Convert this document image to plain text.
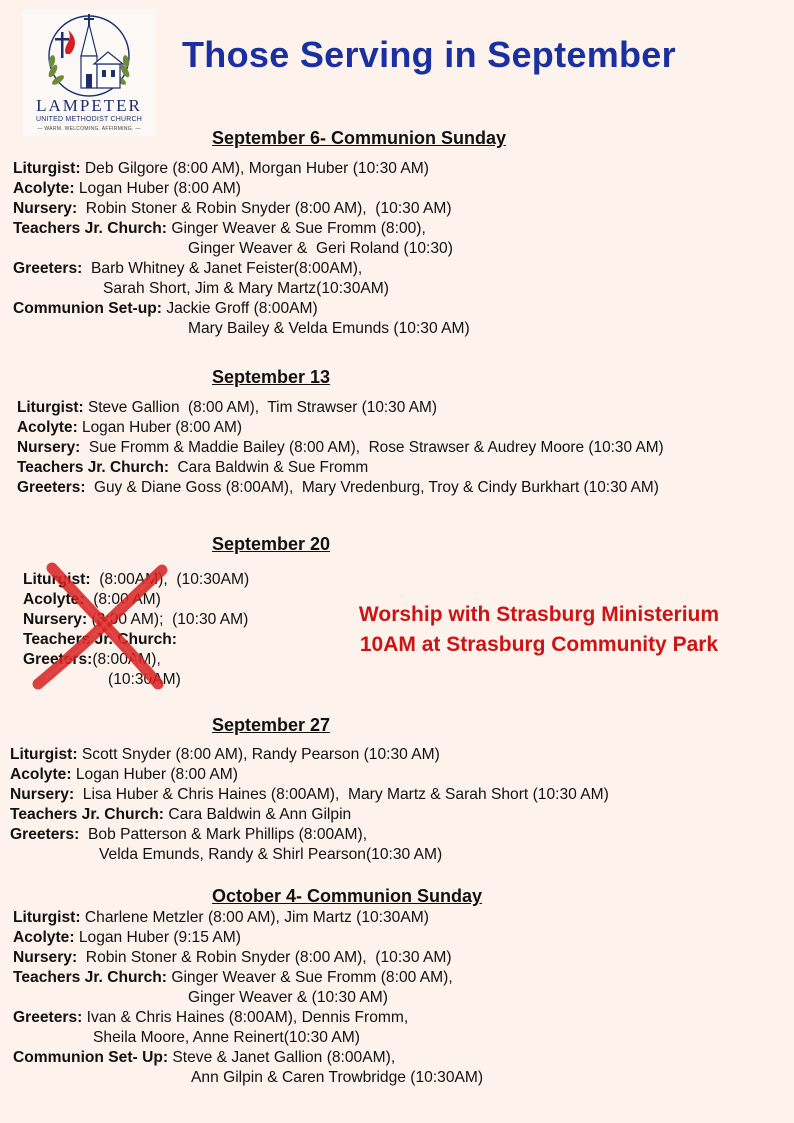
LAMPETER
UNITED METHODIST CHURCH
— WARM. WELCOMING. AFFIRMING. —
Those Serving in September
September 6- Communion Sunday
Liturgist: Deb Gilgore (8:00 AM), Morgan Huber (10:30 AM)
Acolyte: Logan Huber (8:00 AM)
Nursery:  Robin Stoner & Robin Snyder (8:00 AM),  (10:30 AM)
Teachers Jr. Church: Ginger Weaver & Sue Fromm (8:00),
Ginger Weaver &  Geri Roland (10:30)
Greeters:  Barb Whitney & Janet Feister(8:00AM),
Sarah Short, Jim & Mary Martz(10:30AM)
Communion Set-up: Jackie Groff (8:00AM)
Mary Bailey & Velda Emunds (10:30 AM)
September 13
Liturgist: Steve Gallion  (8:00 AM),  Tim Strawser (10:30 AM)
Acolyte: Logan Huber (8:00 AM)
Nursery:  Sue Fromm & Maddie Bailey (8:00 AM),  Rose Strawser & Audrey Moore (10:30 AM)
Teachers Jr. Church:  Cara Baldwin & Sue Fromm
Greeters:  Guy & Diane Goss (8:00AM),  Mary Vredenburg, Troy & Cindy Burkhart (10:30 AM)
September 20
Liturgist:  (8:00AM),  (10:30AM)
Acolyte:  (8:00 AM)
Nursery: (8:00 AM);  (10:30 AM)
Teachers Jr. Church:
Greeters:(8:00AM),
(10:30AM)
Worship with Strasburg Ministerium
10AM at Strasburg Community Park
September 27
Liturgist: Scott Snyder (8:00 AM), Randy Pearson (10:30 AM)
Acolyte: Logan Huber (8:00 AM)
Nursery:  Lisa Huber & Chris Haines (8:00AM),  Mary Martz & Sarah Short (10:30 AM)
Teachers Jr. Church: Cara Baldwin & Ann Gilpin
Greeters:  Bob Patterson & Mark Phillips (8:00AM),
Velda Emunds, Randy & Shirl Pearson(10:30 AM)
October 4- Communion Sunday
Liturgist: Charlene Metzler (8:00 AM), Jim Martz (10:30AM)
Acolyte: Logan Huber (9:15 AM)
Nursery:  Robin Stoner & Robin Snyder (8:00 AM),  (10:30 AM)
Teachers Jr. Church: Ginger Weaver & Sue Fromm (8:00 AM),
Ginger Weaver & (10:30 AM)
Greeters: Ivan & Chris Haines (8:00AM), Dennis Fromm,
Sheila Moore, Anne Reinert(10:30 AM)
Communion Set- Up: Steve & Janet Gallion (8:00AM),
Ann Gilpin & Caren Trowbridge (10:30AM)
